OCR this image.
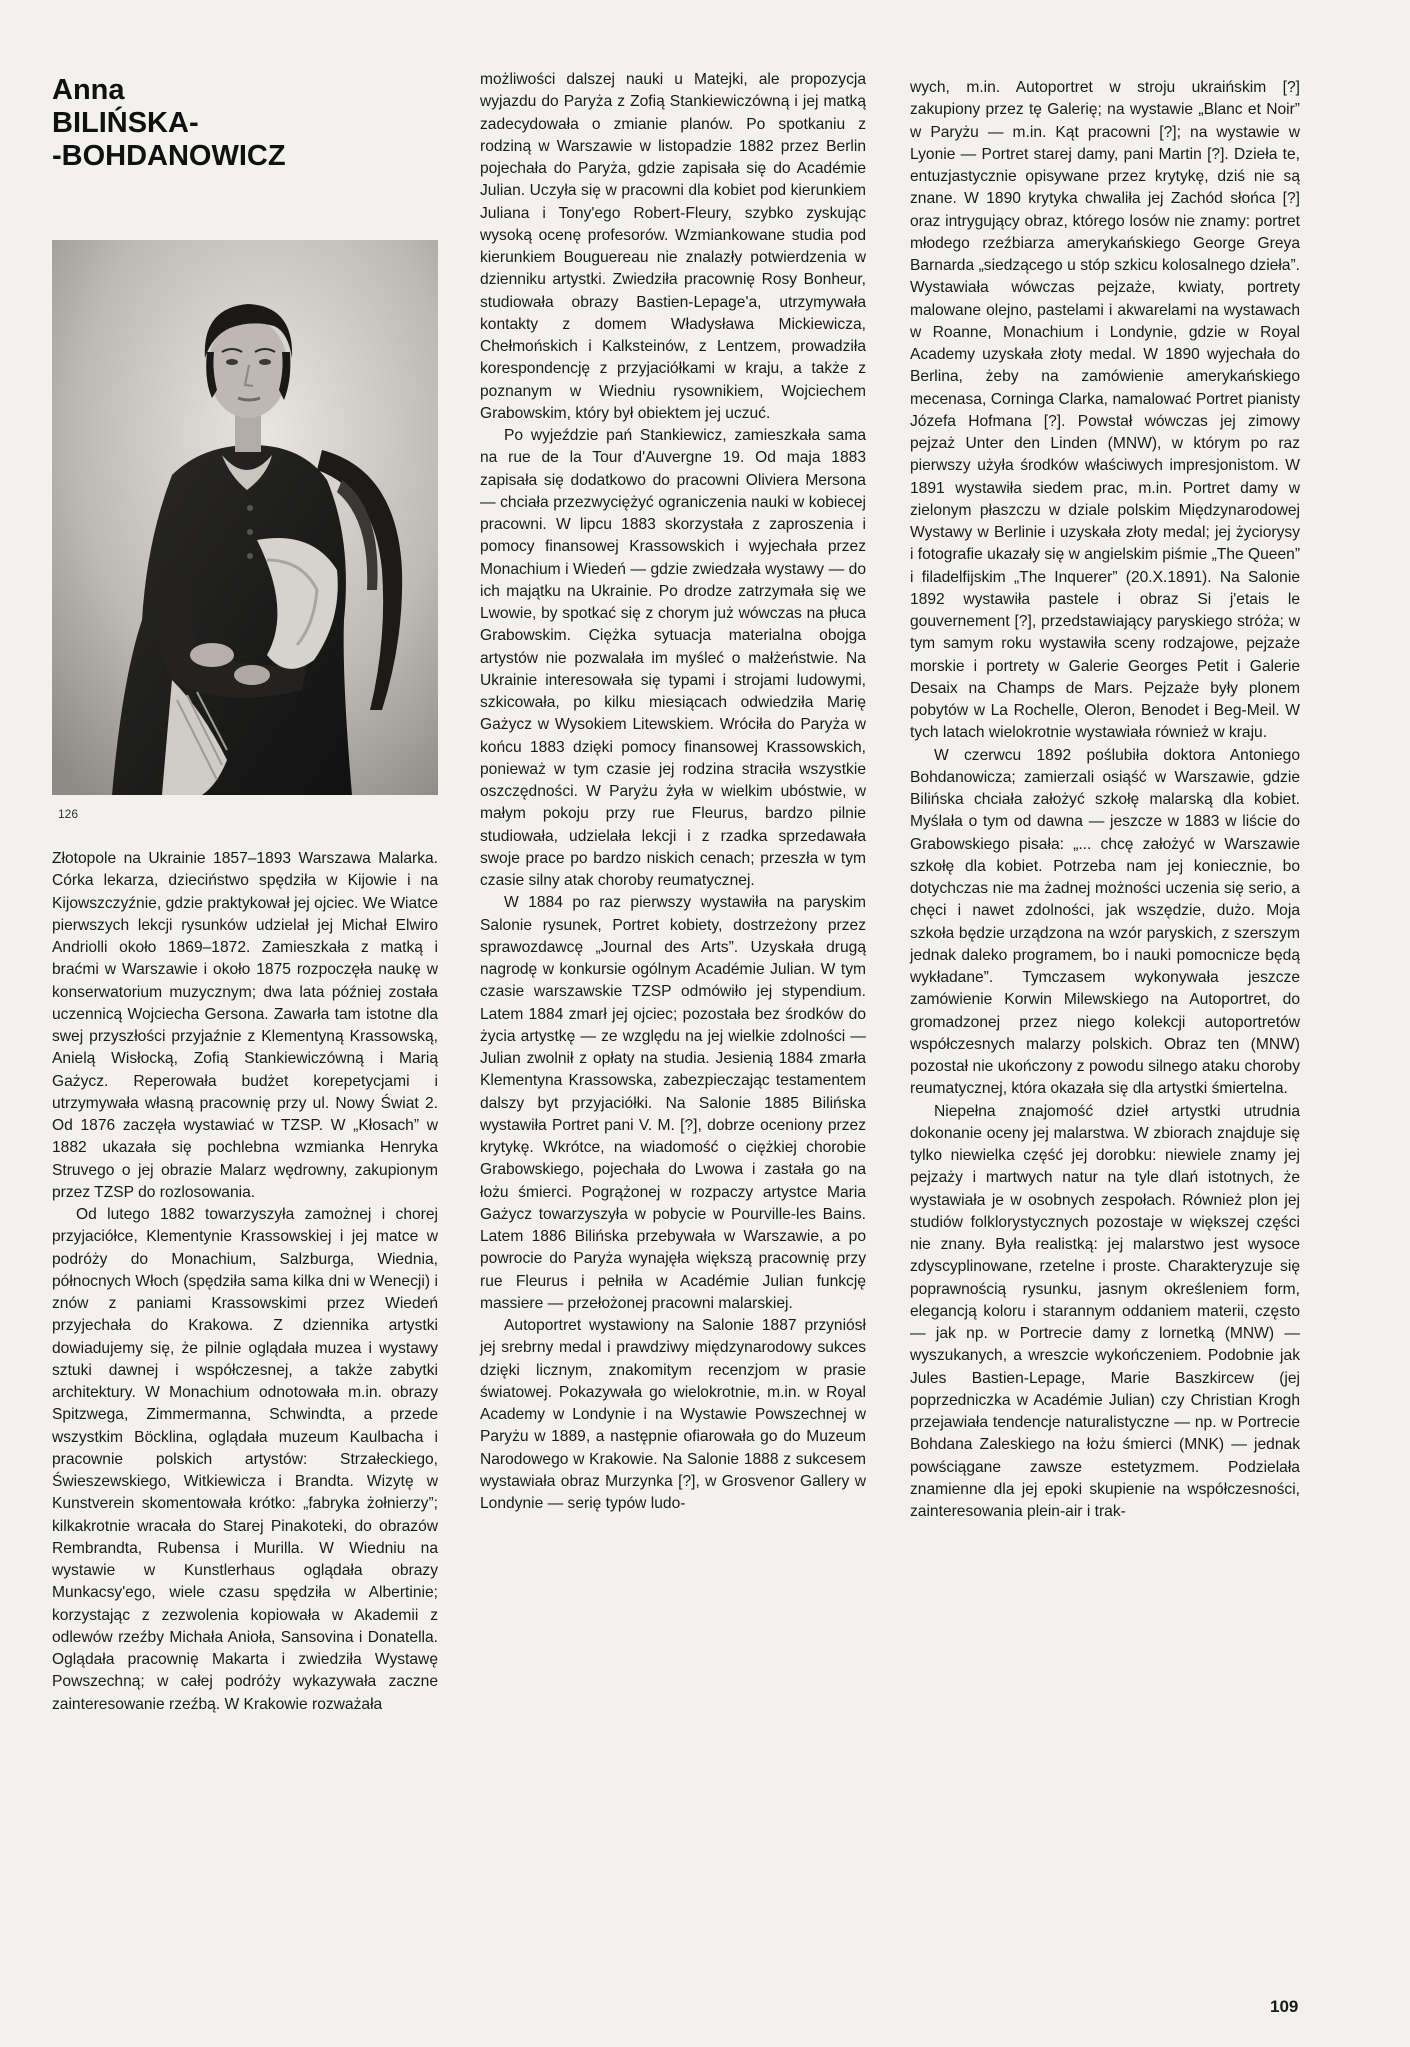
Anna
BILIŃSKA-
-BOHDANOWICZ
126

Złotopole na Ukrainie 1857–1893 Warszawa Malarka. Córka lekarza, dzieciństwo spędziła w Kijowie i na Kijowszczyźnie, gdzie praktykował jej ojciec. We Wiatce pierwszych lekcji rysunków udzielał jej Michał Elwiro Andriolli około 1869–1872. Zamieszkała z matką i braćmi w Warszawie i około 1875 rozpoczęła naukę w konserwatorium muzycznym; dwa lata później została uczennicą Wojciecha Gersona. Zawarła tam istotne dla swej przyszłości przyjaźnie z Klementyną Krassowską, Anielą Wisłocką, Zofią Stankiewiczówną i Marią Gażycz. Reperowała budżet korepetycjami i utrzymywała własną pracownię przy ul. Nowy Świat 2. Od 1876 zaczęła wystawiać w TZSP. W „Kłosach” w 1882 ukazała się pochlebna wzmianka Henryka Struvego o jej obrazie Malarz wędrowny, zakupionym przez TZSP do rozlosowania.

Od lutego 1882 towarzyszyła zamożnej i chorej przyjaciółce, Klementynie Krassowskiej i jej matce w podróży do Monachium, Salzburga, Wiednia, północnych Włoch (spędziła sama kilka dni w Wenecji) i znów z paniami Krassowskimi przez Wiedeń przyjechała do Krakowa. Z dziennika artystki dowiadujemy się, że pilnie oglądała muzea i wystawy sztuki dawnej i współczesnej, a także zabytki architektury. W Monachium odnotowała m.in. obrazy Spitzwega, Zimmermanna, Schwindta, a przede wszystkim Böcklina, oglądała muzeum Kaulbacha i pracownie polskich artystów: Strzałeckiego, Świeszewskiego, Witkiewicza i Brandta. Wizytę w Kunstverein skomentowała krótko: „fabryka żołnierzy”; kilkakrotnie wracała do Starej Pinakoteki, do obrazów Rembrandta, Rubensa i Murilla. W Wiedniu na wystawie w Kunstlerhaus oglądała obrazy Munkacsy'ego, wiele czasu spędziła w Albertinie; korzystając z zezwolenia kopiowała w Akademii z odlewów rzeźby Michała Anioła, Sansovina i Donatella. Oglądała pracownię Makarta i zwiedziła Wystawę Powszechną; w całej podróży wykazywała zaczne zainteresowanie rzeźbą. W Krakowie rozważała

możliwości dalszej nauki u Matejki, ale propozycja wyjazdu do Paryża z Zofią Stankiewiczówną i jej matką zadecydowała o zmianie planów. Po spotkaniu z rodziną w Warszawie w listopadzie 1882 przez Berlin pojechała do Paryża, gdzie zapisała się do Académie Julian. Uczyła się w pracowni dla kobiet pod kierunkiem Juliana i Tony'ego Robert-Fleury, szybko zyskując wysoką ocenę profesorów. Wzmiankowane studia pod kierunkiem Bouguereau nie znalazły potwierdzenia w dzienniku artystki. Zwiedziła pracownię Rosy Bonheur, studiowała obrazy Bastien-Lepage'a, utrzymywała kontakty z domem Władysława Mickiewicza, Chełmońskich i Kalksteinów, z Lentzem, prowadziła korespondencję z przyjaciółkami w kraju, a także z poznanym w Wiedniu rysownikiem, Wojciechem Grabowskim, który był obiektem jej uczuć.

Po wyjeździe pań Stankiewicz, zamieszkała sama na rue de la Tour d'Auvergne 19. Od maja 1883 zapisała się dodatkowo do pracowni Oliviera Mersona — chciała przezwyciężyć ograniczenia nauki w kobiecej pracowni. W lipcu 1883 skorzystała z zaproszenia i pomocy finansowej Krassowskich i wyjechała przez Monachium i Wiedeń — gdzie zwiedzała wystawy — do ich majątku na Ukrainie. Po drodze zatrzymała się we Lwowie, by spotkać się z chorym już wówczas na płuca Grabowskim. Ciężka sytuacja materialna obojga artystów nie pozwalała im myśleć o małżeństwie. Na Ukrainie interesowała się typami i strojami ludowymi, szkicowała, po kilku miesiącach odwiedziła Marię Gażycz w Wysokiem Litewskiem. Wróciła do Paryża w końcu 1883 dzięki pomocy finansowej Krassowskich, ponieważ w tym czasie jej rodzina straciła wszystkie oszczędności. W Paryżu żyła w wielkim ubóstwie, w małym pokoju przy rue Fleurus, bardzo pilnie studiowała, udzielała lekcji i z rzadka sprzedawała swoje prace po bardzo niskich cenach; przeszła w tym czasie silny atak choroby reumatycznej.

W 1884 po raz pierwszy wystawiła na paryskim Salonie rysunek, Portret kobiety, dostrzeżony przez sprawozdawcę „Journal des Arts”. Uzyskała drugą nagrodę w konkursie ogólnym Académie Julian. W tym czasie warszawskie TZSP odmówiło jej stypendium. Latem 1884 zmarł jej ojciec; pozostała bez środków do życia artystkę — ze względu na jej wielkie zdolności — Julian zwolnił z opłaty na studia. Jesienią 1884 zmarła Klementyna Krassowska, zabezpieczając testamentem dalszy byt przyjaciółki. Na Salonie 1885 Bilińska wystawiła Portret pani V. M. [?], dobrze oceniony przez krytykę. Wkrótce, na wiadomość o ciężkiej chorobie Grabowskiego, pojechała do Lwowa i zastała go na łożu śmierci. Pogrążonej w rozpaczy artystce Maria Gażycz towarzyszyła w pobycie w Pourville-les Bains. Latem 1886 Bilińska przebywała w Warszawie, a po powrocie do Paryża wynajęła większą pracownię przy rue Fleurus i pełniła w Académie Julian funkcję massiere — przełożonej pracowni malarskiej.

Autoportret wystawiony na Salonie 1887 przyniósł jej srebrny medal i prawdziwy międzynarodowy sukces dzięki licznym, znakomitym recenzjom w prasie światowej. Pokazywała go wielokrotnie, m.in. w Royal Academy w Londynie i na Wystawie Powszechnej w Paryżu w 1889, a następnie ofiarowała go do Muzeum Narodowego w Krakowie. Na Salonie 1888 z sukcesem wystawiała obraz Murzynka [?], w Grosvenor Gallery w Londynie — serię typów ludo-

wych, m.in. Autoportret w stroju ukraińskim [?] zakupiony przez tę Galerię; na wystawie „Blanc et Noir” w Paryżu — m.in. Kąt pracowni [?]; na wystawie w Lyonie — Portret starej damy, pani Martin [?]. Dzieła te, entuzjastycznie opisywane przez krytykę, dziś nie są znane. W 1890 krytyka chwaliła jej Zachód słońca [?] oraz intrygujący obraz, którego losów nie znamy: portret młodego rzeźbiarza amerykańskiego George Greya Barnarda „siedzącego u stóp szkicu kolosalnego dzieła”. Wystawiała wówczas pejzaże, kwiaty, portrety malowane olejno, pastelami i akwarelami na wystawach w Roanne, Monachium i Londynie, gdzie w Royal Academy uzyskała złoty medal. W 1890 wyjechała do Berlina, żeby na zamówienie amerykańskiego mecenasa, Corninga Clarka, namalować Portret pianisty Józefa Hofmana [?]. Powstał wówczas jej zimowy pejzaż Unter den Linden (MNW), w którym po raz pierwszy użyła środków właściwych impresjonistom. W 1891 wystawiła siedem prac, m.in. Portret damy w zielonym płaszczu w dziale polskim Międzynarodowej Wystawy w Berlinie i uzyskała złoty medal; jej życiorysy i fotografie ukazały się w angielskim piśmie „The Queen” i filadelfijskim „The Inquerer” (20.X.1891). Na Salonie 1892 wystawiła pastele i obraz Si j'etais le gouvernement [?], przedstawiający paryskiego stróża; w tym samym roku wystawiła sceny rodzajowe, pejzaże morskie i portrety w Galerie Georges Petit i Galerie Desaix na Champs de Mars. Pejzaże były plonem pobytów w La Rochelle, Oleron, Benodet i Beg-Meil. W tych latach wielokrotnie wystawiała również w kraju.

W czerwcu 1892 poślubiła doktora Antoniego Bohdanowicza; zamierzali osiąść w Warszawie, gdzie Bilińska chciała założyć szkołę malarską dla kobiet. Myślała o tym od dawna — jeszcze w 1883 w liście do Grabowskiego pisała: „... chcę założyć w Warszawie szkołę dla kobiet. Potrzeba nam jej koniecznie, bo dotychczas nie ma żadnej możności uczenia się serio, a chęci i nawet zdolności, jak wszędzie, dużo. Moja szkoła będzie urządzona na wzór paryskich, z szerszym jednak daleko programem, bo i nauki pomocnicze będą wykładane”. Tymczasem wykonywała jeszcze zamówienie Korwin Milewskiego na Autoportret, do gromadzonej przez niego kolekcji autoportretów współczesnych malarzy polskich. Obraz ten (MNW) pozostał nie ukończony z powodu silnego ataku choroby reumatycznej, która okazała się dla artystki śmiertelna.

Niepełna znajomość dzieł artystki utrudnia dokonanie oceny jej malarstwa. W zbiorach znajduje się tylko niewielka część jej dorobku: niewiele znamy jej pejzaży i martwych natur na tyle dlań istotnych, że wystawiała je w osobnych zespołach. Również plon jej studiów folklorystycznych pozostaje w większej części nie znany. Była realistką: jej malarstwo jest wysoce zdyscyplinowane, rzetelne i proste. Charakteryzuje się poprawnością rysunku, jasnym określeniem form, elegancją koloru i starannym oddaniem materii, często — jak np. w Portrecie damy z lornetką (MNW) — wyszukanych, a wreszcie wykończeniem. Podobnie jak Jules Bastien-Lepage, Marie Baszkircew (jej poprzedniczka w Académie Julian) czy Christian Krogh przejawiała tendencje naturalistyczne — np. w Portrecie Bohdana Zaleskiego na łożu śmierci (MNK) — jednak powściągane zawsze estetyzmem. Podzielała znamienne dla jej epoki skupienie na współczesności, zainteresowania plein-air i trak-

109
